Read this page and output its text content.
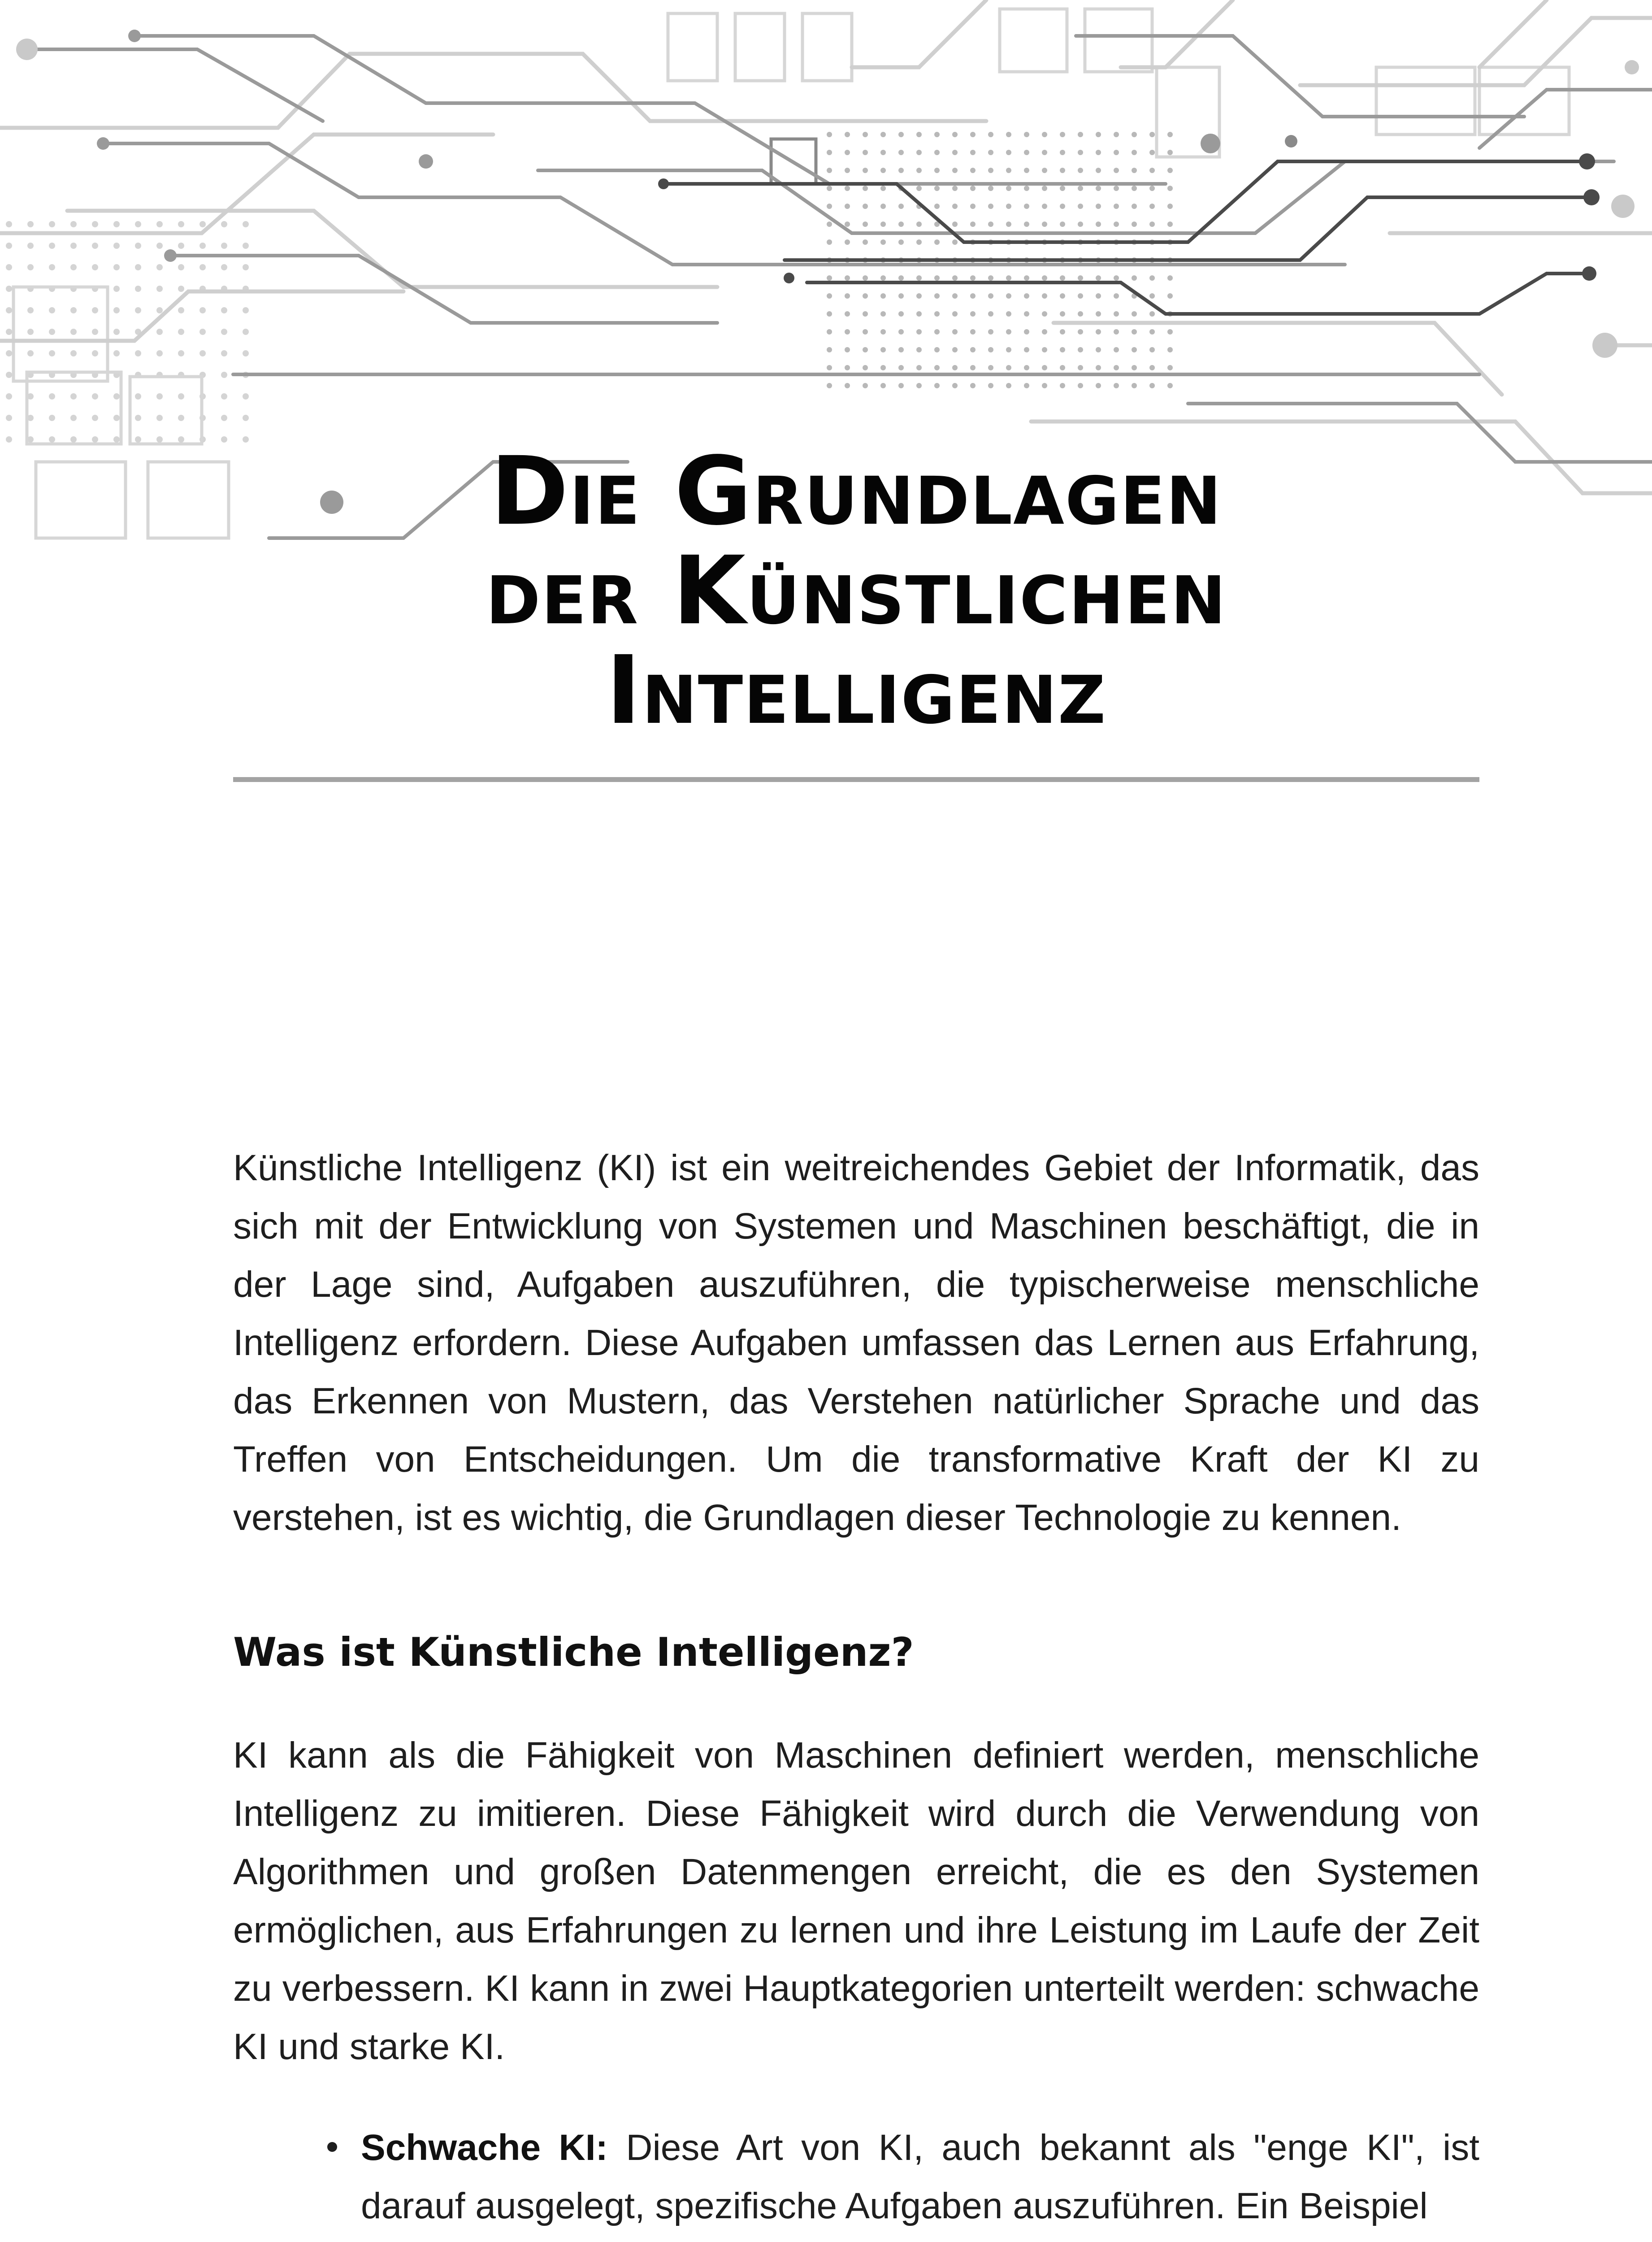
Die Grundlagen
der Künstlichen
Intelligenz

Künstliche Intelligenz (KI) ist ein weitreichendes Gebiet der Informatik, das sich mit der Entwicklung von Systemen und Maschinen beschäftigt, die in der Lage sind, Aufgaben auszuführen, die typischerweise menschliche Intelligenz erfordern. Diese Aufgaben umfassen das Lernen aus Erfahrung, das Erkennen von Mustern, das Verstehen natürlicher Sprache und das Treffen von Entscheidungen. Um die transformative Kraft der KI zu verstehen, ist es wichtig, die Grundlagen dieser Technologie zu kennen.

Was ist Künstliche Intelligenz?

KI kann als die Fähigkeit von Maschinen definiert werden, menschliche Intelligenz zu imitieren. Diese Fähigkeit wird durch die Verwendung von Algorithmen und großen Datenmengen erreicht, die es den Systemen ermöglichen, aus Erfahrungen zu lernen und ihre Leistung im Laufe der Zeit zu verbessern. KI kann in zwei Hauptkategorien unterteilt werden: schwache KI und starke KI.

Schwache KI: Diese Art von KI, auch bekannt als "enge KI", ist darauf ausgelegt, spezifische Aufgaben auszuführen. Ein Beispiel
